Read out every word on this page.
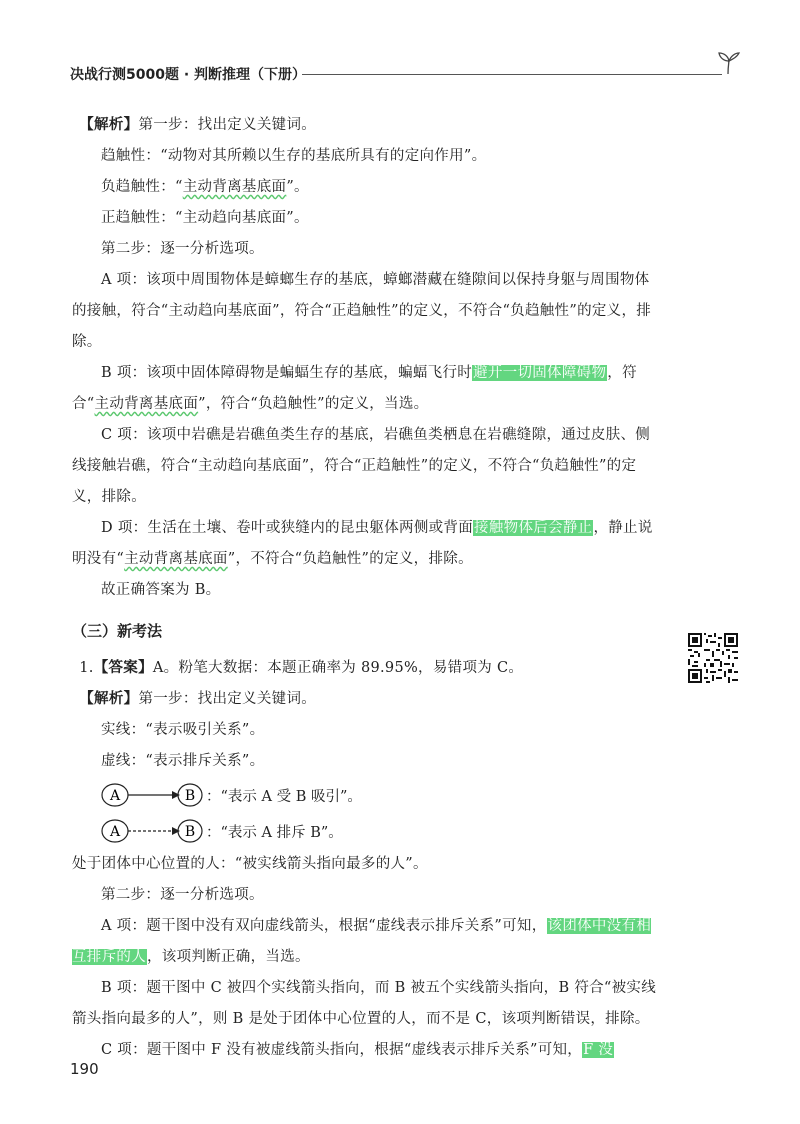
决战行测5000题 · 判断推理（下册）

【解析】第一步：找出定义关键词。

趋触性：“动物对其所赖以生存的基底所具有的定向作用”。

负趋触性：“主动背离基底面”。

正趋触性：“主动趋向基底面”。

第二步：逐一分析选项。

A 项：该项中周围物体是蟑螂生存的基底，蟑螂潜藏在缝隙间以保持身躯与周围物体的接触，符合“主动趋向基底面”，符合“正趋触性”的定义，不符合“负趋触性”的定义，排除。

B 项：该项中固体障碍物是蝙蝠生存的基底，蝙蝠飞行时避开一切固体障碍物，符合“主动背离基底面”，符合“负趋触性”的定义，当选。

C 项：该项中岩礁是岩礁鱼类生存的基底，岩礁鱼类栖息在岩礁缝隙，通过皮肤、侧线接触岩礁，符合“主动趋向基底面”，符合“正趋触性”的定义，不符合“负趋触性”的定义，排除。

D 项：生活在土壤、卷叶或狭缝内的昆虫躯体两侧或背面接触物体后会静止，静止说明没有“主动背离基底面”，不符合“负趋触性”的定义，排除。

故正确答案为 B。

（三）新考法

1.【答案】A。粉笔大数据：本题正确率为 89.95%，易错项为 C。

【解析】第一步：找出定义关键词。

实线：“表示吸引关系”。

虚线：“表示排斥关系”。

A	B ：“表示 A 受 B 吸引”。
A	B ：“表示 A 排斥 B”。

处于团体中心位置的人：“被实线箭头指向最多的人”。

第二步：逐一分析选项。

A 项：题干图中没有双向虚线箭头，根据“虚线表示排斥关系”可知，该团体中没有相互排斥的人，该项判断正确，当选。

B 项：题干图中 C 被四个实线箭头指向，而 B 被五个实线箭头指向，B 符合“被实线箭头指向最多的人”，则 B 是处于团体中心位置的人，而不是 C，该项判断错误，排除。

C 项：题干图中 F 没有被虚线箭头指向，根据“虚线表示排斥关系”可知，F 没

190
